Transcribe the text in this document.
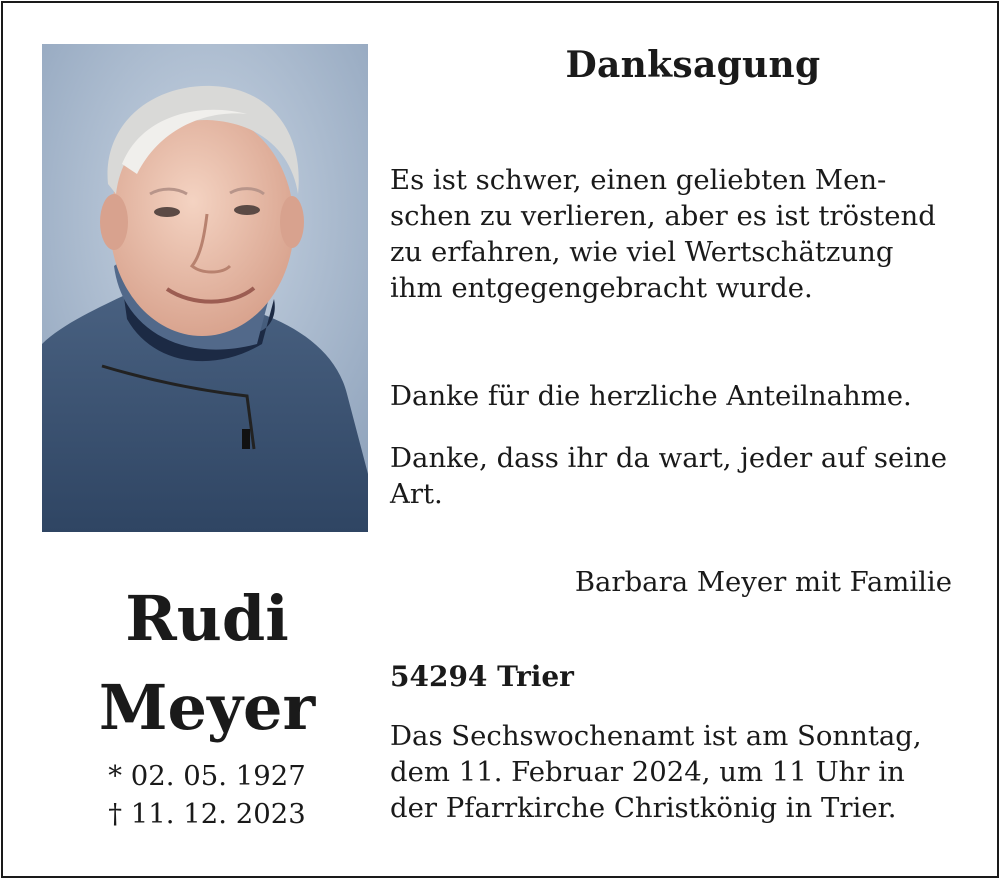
Danksagung
Es ist schwer, einen geliebten Men-
schen zu verlieren, aber es ist tröstend
zu erfahren, wie viel Wertschätzung
ihm entgegengebracht wurde.
Danke für die herzliche Anteilnahme.
Danke, dass ihr da wart, jeder auf seine
Art.
Barbara Meyer mit Familie
54294 Trier
Das Sechswochenamt ist am Sonntag,
dem 11. Februar 2024, um 11 Uhr in
der Pfarrkirche Christkönig in Trier.
Rudi
Meyer
* 02. 05. 1927
† 11. 12. 2023
